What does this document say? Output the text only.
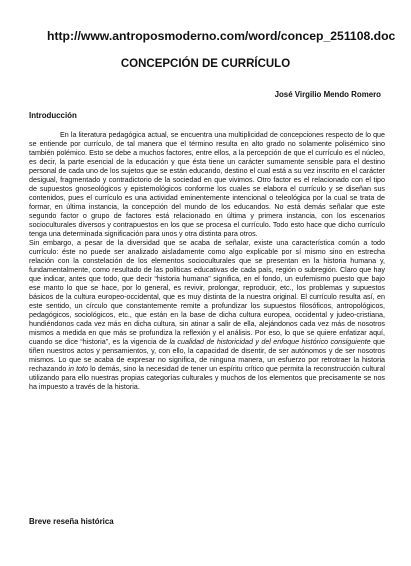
http://www.antroposmoderno.com/word/concep_251108.doc
CONCEPCIÓN DE CURRÍCULO
José Virgilio Mendo Romero
Introducción

En la literatura pedagógica actual, se encuentra una multiplicidad de concepciones respecto de lo que se entiende por currículo, de tal manera que el término resulta en alto grado no solamente polisémico sino también polémico. Esto se debe a muchos factores, entre ellos, a la percepción de que el currículo es el núcleo, es decir, la parte esencial de la educación y que ésta tiene un carácter sumamente sensible para el destino personal de cada uno de los sujetos que se están educando, destino el cual está a su vez inscrito en el carácter desigual, fragmentado y contradictorio de la sociedad en que vivimos. Otro factor es el relacionado con el tipo de supuestos gnoseológicos y epistemológicos conforme los cuales se elabora el currículo y se diseñan sus contenidos, pues el currículo es una actividad eminentemente intencional o teleológica por la cual se trata de formar, en última instancia, la concepción del mundo de los educandos. No está demás señalar que este segundo factor o grupo de factores está relacionado en última y primera instancia, con los escenarios socioculturales diversos y contrapuestos en los que se procesa el currículo. Todo esto hace que dicho currículo tenga una determinada significación para unos y otra distinta para otros.

Sin embargo, a pesar de la diversidad que se acaba de señalar, existe una característica común a todo currículo: éste no puede ser analizado aisladamente como algo explicable por sí mismo sino en estrecha relación con la constelación de los elementos socioculturales que se presentan en la historia humana y, fundamentalmente, como resultado de las políticas educativas de cada país, región o subregión. Claro que hay que indicar, antes que todo, que decir “historia humana” significa, en el fondo, un eufemismo puesto que bajo ese manto lo que se hace, por lo general, es revivir, prolongar, reproducir, etc., los problemas y supuestos básicos de la cultura europeo-occidental, que es muy distinta de la nuestra original. El currículo resulta así, en este sentido, un círculo que constantemente remite a profundizar los supuestos filosóficos, antropológicos, pedagógicos, sociológicos, etc., que están en la base de dicha cultura europea, occidental y judeo-cristiana, hundiéndonos cada vez más en dicha cultura, sin atinar a salir de ella, alejándonos cada vez más de nosotros mismos a medida en que más se profundiza la reflexión y el análisis. Por eso, lo que se quiere enfatizar aquí, cuando se dice “historia”, es la vigencia de la cualidad de historicidad y del enfoque histórico consiguiente que tiñen nuestros actos y pensamientos, y, con ello, la capacidad de disentir, de ser autónomos y de ser nosotros mismos. Lo que se acaba de expresar no significa, de ninguna manera, un esfuerzo por retrotraer la historia rechazando in toto lo demás, sino la necesidad de tener un espíritu crítico que permita la reconstrucción cultural utilizando para ello nuestras propias categorías culturales y muchos de los elementos que precisamente se nos ha impuesto a través de la historia.

Breve reseña histórica
